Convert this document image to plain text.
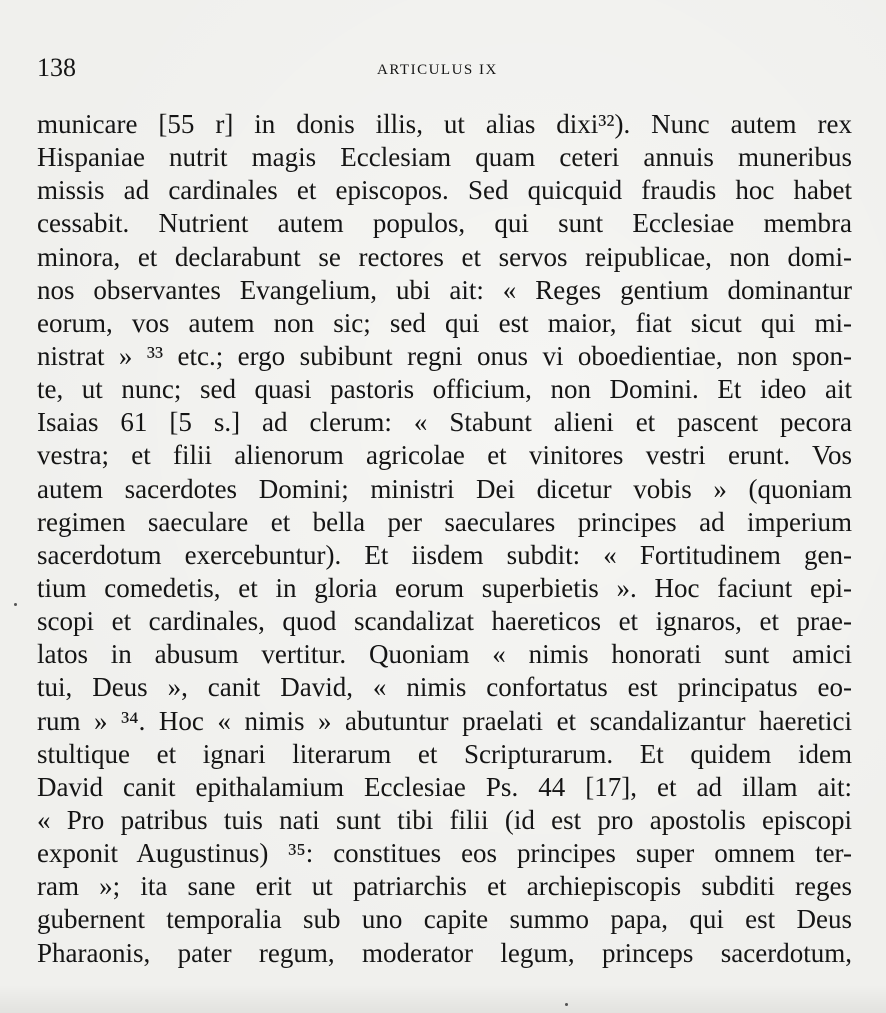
138	ARTICULUS IX
municare [55 r] in donis illis, ut alias dixi³²). Nunc autem rex
Hispaniae nutrit magis Ecclesiam quam ceteri annuis muneribus
missis ad cardinales et episcopos. Sed quicquid fraudis hoc habet
cessabit. Nutrient autem populos, qui sunt Ecclesiae membra
minora, et declarabunt se rectores et servos reipublicae, non domi-
nos observantes Evangelium, ubi ait: « Reges gentium dominantur
eorum, vos autem non sic; sed qui est maior, fiat sicut qui mi-
nistrat » ³³ etc.; ergo subibunt regni onus vi oboedientiae, non spon-
te, ut nunc; sed quasi pastoris officium, non Domini. Et ideo ait
Isaias 61 [5 s.] ad clerum: « Stabunt alieni et pascent pecora
vestra; et filii alienorum agricolae et vinitores vestri erunt. Vos
autem sacerdotes Domini; ministri Dei dicetur vobis » (quoniam
regimen saeculare et bella per saeculares principes ad imperium
sacerdotum exercebuntur). Et iisdem subdit: « Fortitudinem gen-
tium comedetis, et in gloria eorum superbietis ». Hoc faciunt epi-
scopi et cardinales, quod scandalizat haereticos et ignaros, et prae-
latos in abusum vertitur. Quoniam « nimis honorati sunt amici
tui, Deus », canit David, « nimis confortatus est principatus eo-
rum » ³⁴. Hoc « nimis » abutuntur praelati et scandalizantur haeretici
stultique et ignari literarum et Scripturarum. Et quidem idem
David canit epithalamium Ecclesiae Ps. 44 [17], et ad illam ait:
« Pro patribus tuis nati sunt tibi filii (id est pro apostolis episcopi
exponit Augustinus) ³⁵: constitues eos principes super omnem ter-
ram »; ita sane erit ut patriarchis et archiepiscopis subditi reges
gubernent temporalia sub uno capite summo papa, qui est Deus
Pharaonis, pater regum, moderator legum, princeps sacerdotum,
